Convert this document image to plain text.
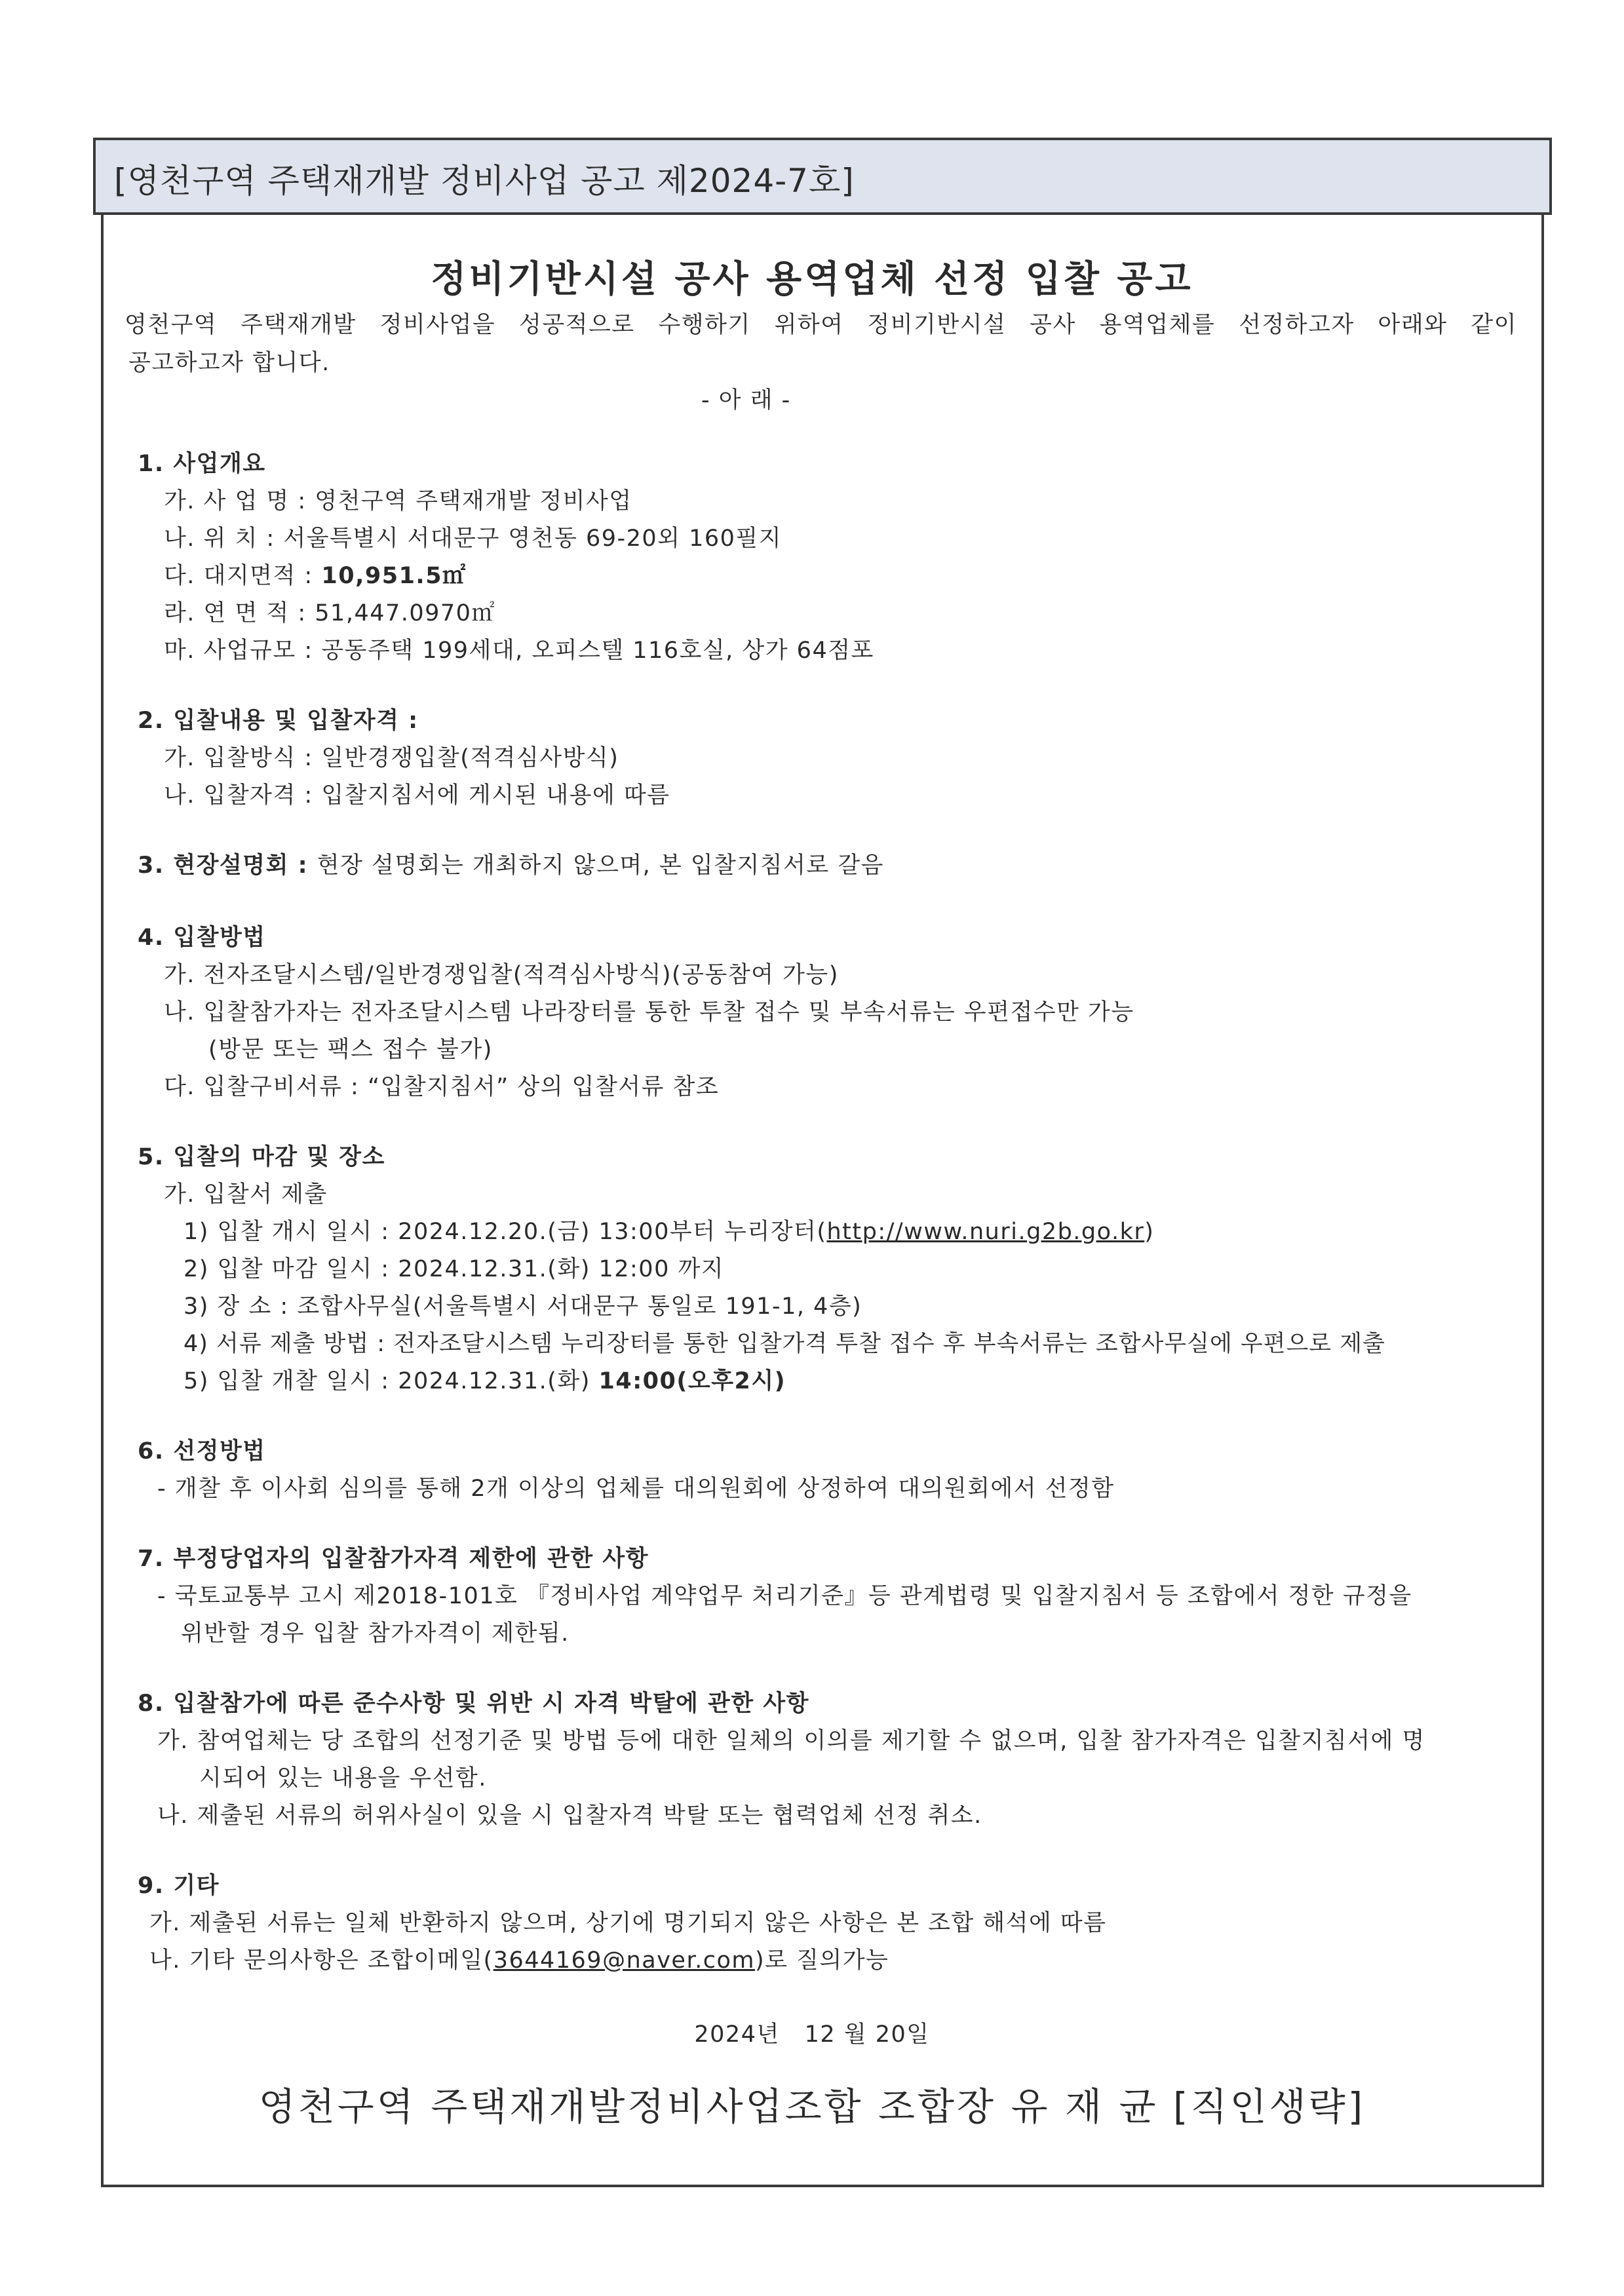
[영천구역 주택재개발 정비사업 공고 제2024-7호]
정비기반시설 공사 용역업체 선정 입찰 공고
영천구역 주택재개발 정비사업을 성공적으로 수행하기 위하여 정비기반시설 공사 용역업체를 선정하고자 아래와 같이
공고하고자 합니다.
- 아 래 -
1. 사업개요
가. 사 업 명 : 영천구역 주택재개발 정비사업
나. 위 치 : 서울특별시 서대문구 영천동 69-20외 160필지
다. 대지면적 : 10,951.5㎡
라. 연 면 적 : 51,447.0970㎡
마. 사업규모 : 공동주택 199세대, 오피스텔 116호실, 상가 64점포
2. 입찰내용 및 입찰자격 :
가. 입찰방식 : 일반경쟁입찰(적격심사방식)
나. 입찰자격 : 입찰지침서에 게시된 내용에 따름
3. 현장설명회 : 현장 설명회는 개최하지 않으며, 본 입찰지침서로 갈음
4. 입찰방법
가. 전자조달시스템/일반경쟁입찰(적격심사방식)(공동참여 가능)
나. 입찰참가자는 전자조달시스템 나라장터를 통한 투찰 접수 및 부속서류는 우편접수만 가능
(방문 또는 팩스 접수 불가)
다. 입찰구비서류 : “입찰지침서” 상의 입찰서류 참조
5. 입찰의 마감 및 장소
가. 입찰서 제출
1) 입찰 개시 일시 : 2024.12.20.(금) 13:00부터 누리장터(http://www.nuri.g2b.go.kr)
2) 입찰 마감 일시 : 2024.12.31.(화) 12:00 까지
3) 장 소 : 조합사무실(서울특별시 서대문구 통일로 191-1, 4층)
4) 서류 제출 방법 : 전자조달시스템 누리장터를 통한 입찰가격 투찰 접수 후 부속서류는 조합사무실에 우편으로 제출
5) 입찰 개찰 일시 : 2024.12.31.(화) 14:00(오후2시)
6. 선정방법
- 개찰 후 이사회 심의를 통해 2개 이상의 업체를 대의원회에 상정하여 대의원회에서 선정함
7. 부정당업자의 입찰참가자격 제한에 관한 사항
- 국토교통부 고시 제2018-101호 『정비사업 계약업무 처리기준』등 관계법령 및 입찰지침서 등 조합에서 정한 규정을
위반할 경우 입찰 참가자격이 제한됨.
8. 입찰참가에 따른 준수사항 및 위반 시 자격 박탈에 관한 사항
가. 참여업체는 당 조합의 선정기준 및 방법 등에 대한 일체의 이의를 제기할 수 없으며, 입찰 참가자격은 입찰지침서에 명
시되어 있는 내용을 우선함.
나. 제출된 서류의 허위사실이 있을 시 입찰자격 박탈 또는 협력업체 선정 취소.
9. 기타
가. 제출된 서류는 일체 반환하지 않으며, 상기에 명기되지 않은 사항은 본 조합 해석에 따름
나. 기타 문의사항은 조합이메일(3644169@naver.com)로 질의가능
2024년   12 월 20일
영천구역 주택재개발정비사업조합 조합장 유 재 균 [직인생략]
